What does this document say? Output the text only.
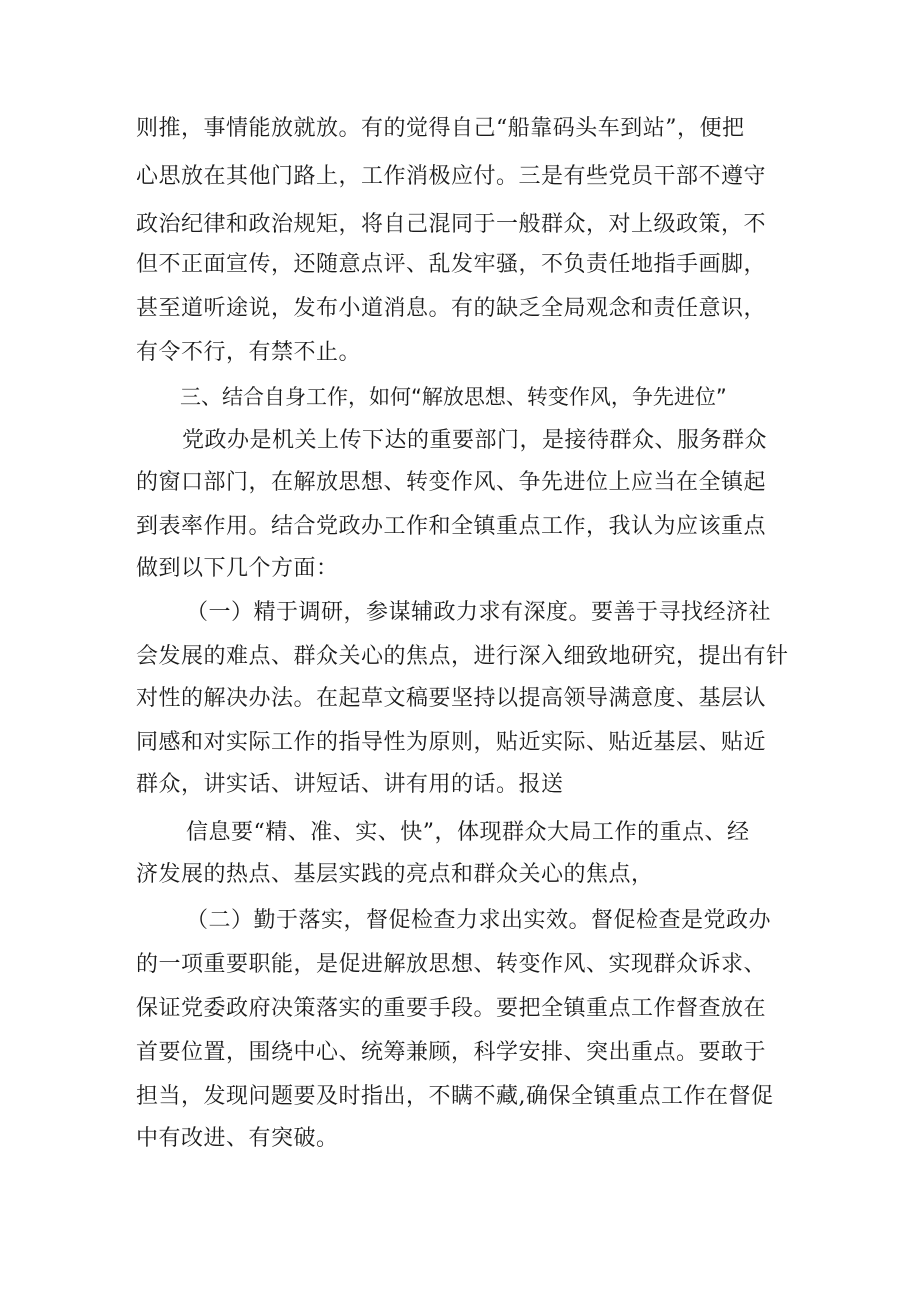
则推，事情能放就放。有的觉得自己“船靠码头车到站”，便把
心思放在其他门路上，工作消极应付。三是有些党员干部不遵守
政治纪律和政治规矩，将自己混同于一般群众，对上级政策，不
但不正面宣传，还随意点评、乱发牢骚，不负责任地指手画脚，
甚至道听途说，发布小道消息。有的缺乏全局观念和责任意识，
有令不行，有禁不止。
三、结合自身工作，如何“解放思想、转变作风，争先进位”
党政办是机关上传下达的重要部门，是接待群众、服务群众
的窗口部门，在解放思想、转变作风、争先进位上应当在全镇起
到表率作用。结合党政办工作和全镇重点工作，我认为应该重点
做到以下几个方面：
（一）精于调研，参谋辅政力求有深度。要善于寻找经济社
会发展的难点、群众关心的焦点，进行深入细致地研究，提出有针
对性的解决办法。在起草文稿要坚持以提高领导满意度、基层认
同感和对实际工作的指导性为原则，贴近实际、贴近基层、贴近
群众，讲实话、讲短话、讲有用的话。报送
信息要“精、准、实、快”，体现群众大局工作的重点、经
济发展的热点、基层实践的亮点和群众关心的焦点，
（二）勤于落实，督促检查力求出实效。督促检查是党政办
的一项重要职能，是促进解放思想、转变作风、实现群众诉求、
保证党委政府决策落实的重要手段。要把全镇重点工作督查放在
首要位置，围绕中心、统筹兼顾，科学安排、突出重点。要敢于
担当，发现问题要及时指出，不瞒不藏,确保全镇重点工作在督促
中有改进、有突破。
